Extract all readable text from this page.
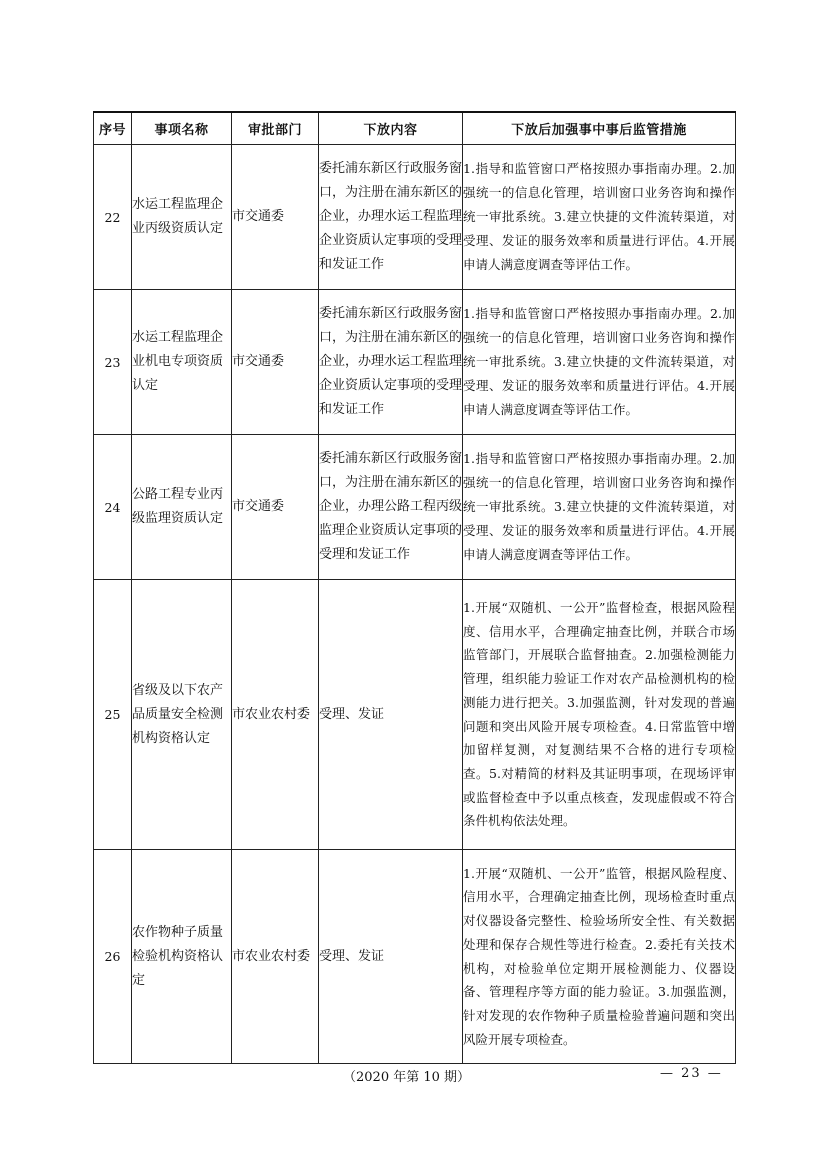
序号	事项名称	审批部门	下放内容	下放后加强事中事后监管措施
22	水运工程监理企业丙级资质认定	市交通委	委托浦东新区行政服务窗口，为注册在浦东新区的企业，办理水运工程监理企业资质认定事项的受理和发证工作	1.指导和监管窗口严格按照办事指南办理。2.加强统一的信息化管理，培训窗口业务咨询和操作统一审批系统。3.建立快捷的文件流转渠道，对受理、发证的服务效率和质量进行评估。4.开展申请人满意度调查等评估工作。
23	水运工程监理企业机电专项资质认定	市交通委	委托浦东新区行政服务窗口，为注册在浦东新区的企业，办理水运工程监理企业资质认定事项的受理和发证工作	1.指导和监管窗口严格按照办事指南办理。2.加强统一的信息化管理，培训窗口业务咨询和操作统一审批系统。3.建立快捷的文件流转渠道，对受理、发证的服务效率和质量进行评估。4.开展申请人满意度调查等评估工作。
24	公路工程专业丙级监理资质认定	市交通委	委托浦东新区行政服务窗口，为注册在浦东新区的企业，办理公路工程丙级监理企业资质认定事项的受理和发证工作	1.指导和监管窗口严格按照办事指南办理。2.加强统一的信息化管理，培训窗口业务咨询和操作统一审批系统。3.建立快捷的文件流转渠道，对受理、发证的服务效率和质量进行评估。4.开展申请人满意度调查等评估工作。
25	省级及以下农产品质量安全检测机构资格认定	市农业农村委	受理、发证	1.开展“双随机、一公开”监督检查，根据风险程度、信用水平，合理确定抽查比例，并联合市场监管部门，开展联合监督抽查。2.加强检测能力管理，组织能力验证工作对农产品检测机构的检测能力进行把关。3.加强监测，针对发现的普遍问题和突出风险开展专项检查。4.日常监管中增加留样复测，对复测结果不合格的进行专项检查。5.对精简的材料及其证明事项，在现场评审或监督检查中予以重点核查，发现虚假或不符合条件机构依法处理。
26	农作物种子质量检验机构资格认定	市农业农村委	受理、发证	1.开展“双随机、一公开”监管，根据风险程度、信用水平，合理确定抽查比例，现场检查时重点对仪器设备完整性、检验场所安全性、有关数据处理和保存合规性等进行检查。2.委托有关技术机构，对检验单位定期开展检测能力、仪器设备、管理程序等方面的能力验证。3.加强监测，针对发现的农作物种子质量检验普遍问题和突出风险开展专项检查。
（2020 年第 10 期）	— 23 —
